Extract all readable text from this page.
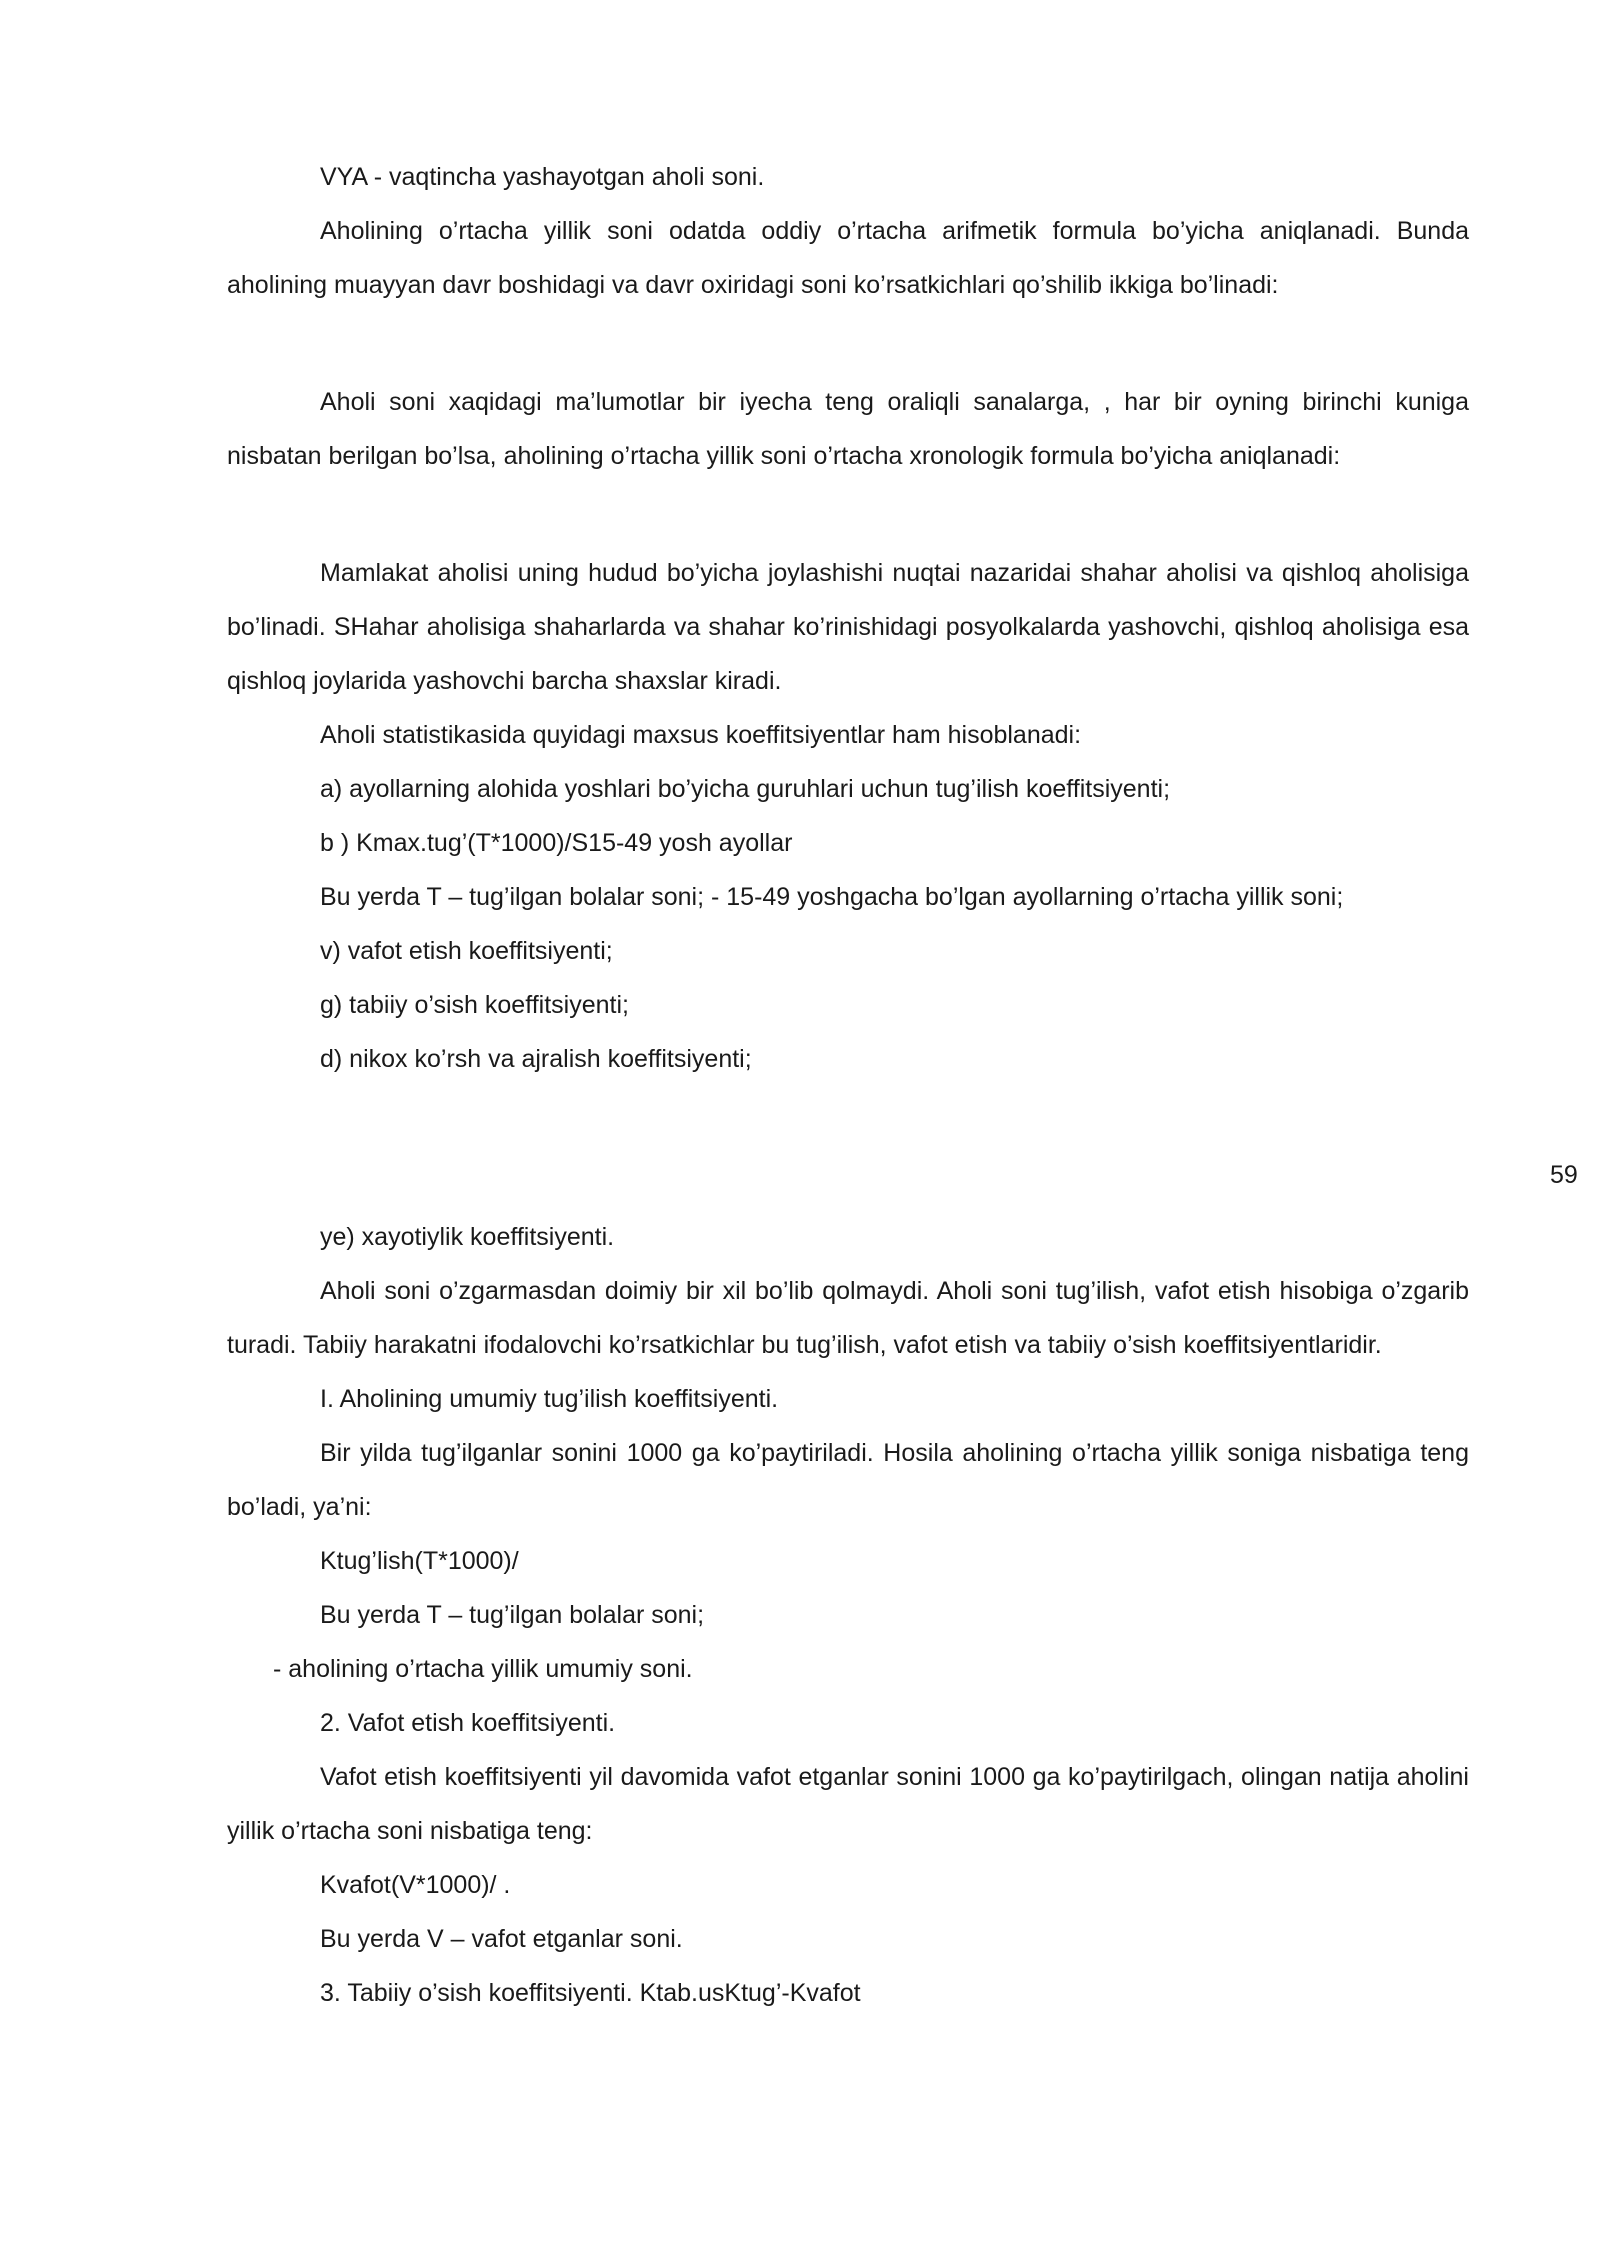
VYA - vaqtincha yashayotgan aholi soni.

Aholining o’rtacha yillik soni odatda oddiy o’rtacha arifmetik formula bo’yicha aniqlanadi. Bunda aholining muayyan davr boshidagi va davr oxiridagi soni ko’rsatkichlari qo’shilib ikkiga bo’linadi:

Aholi soni xaqidagi ma’lumotlar bir iyecha teng oraliqli sanalarga, , har bir oyning birinchi kuniga nisbatan berilgan bo’lsa, aholining o’rtacha yillik soni o’rtacha xronologik formula bo’yicha aniqlanadi:

Mamlakat aholisi uning hudud bo’yicha joylashishi nuqtai nazaridai shahar aholisi va qishloq aholisiga bo’linadi. SHahar aholisiga shaharlarda va shahar ko’rinishidagi posyolkalarda yashovchi, qishloq aholisiga esa qishloq joylarida yashovchi barcha shaxslar kiradi.

Aholi statistikasida quyidagi maxsus koeffitsiyentlar ham hisoblanadi:

a) ayollarning alohida yoshlari bo’yicha guruhlari uchun tug’ilish koeffitsiyenti;

b ) Kmax.tug’(T*1000)/S15-49 yosh ayollar

Bu yerda T – tug’ilgan bolalar soni; - 15-49 yoshgacha bo’lgan ayollarning o’rtacha yillik soni;

v) vafot etish koeffitsiyenti;

g) tabiiy o’sish koeffitsiyenti;

d) nikox ko’rsh va ajralish koeffitsiyenti;

59

ye) xayotiylik koeffitsiyenti.

Aholi soni o’zgarmasdan doimiy bir xil bo’lib qolmaydi. Aholi soni tug’ilish, vafot etish hisobiga o’zgarib turadi. Tabiiy harakatni ifodalovchi ko’rsatkichlar bu tug’ilish, vafot etish va tabiiy o’sish koeffitsiyentlaridir.

I. Aholining umumiy tug’ilish koeffitsiyenti.

Bir yilda tug’ilganlar sonini 1000 ga ko’paytiriladi. Hosila aholining o’rtacha yillik soniga nisbatiga teng bo’ladi, ya’ni:

Ktug’lish(T*1000)/

Bu yerda T – tug’ilgan bolalar soni;

- aholining o’rtacha yillik umumiy soni.

2. Vafot etish koeffitsiyenti.

Vafot etish koeffitsiyenti yil davomida vafot etganlar sonini 1000 ga ko’paytirilgach, olingan natija aholini yillik o’rtacha soni nisbatiga teng:

Kvafot(V*1000)/ .

Bu yerda V – vafot etganlar soni.

3. Tabiiy o’sish koeffitsiyenti. Ktab.usKtug’-Kvafot
